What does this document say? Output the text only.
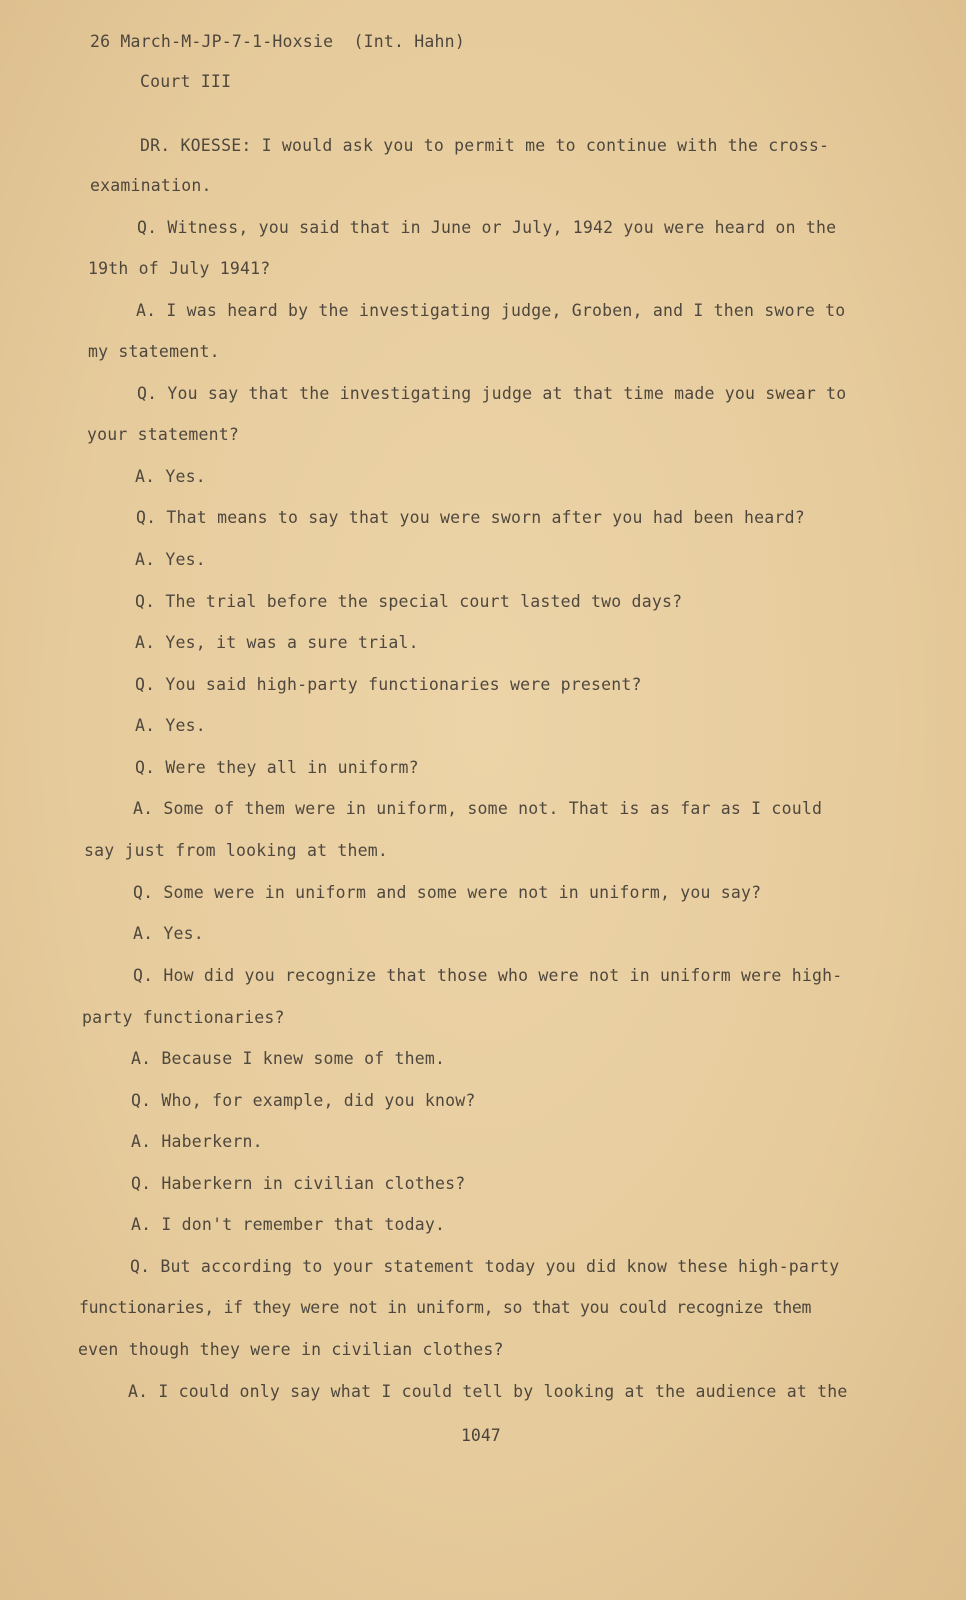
26 March-M-JP-7-1-Hoxsie  (Int. Hahn)
Court III
DR. KOESSE: I would ask you to permit me to continue with the cross-
examination.
Q. Witness, you said that in June or July, 1942 you were heard on the
19th of July 1941?
A. I was heard by the investigating judge, Groben, and I then swore to
my statement.
Q. You say that the investigating judge at that time made you swear to
your statement?
A. Yes.
Q. That means to say that you were sworn after you had been heard?
A. Yes.
Q. The trial before the special court lasted two days?
A. Yes, it was a sure trial.
Q. You said high-party functionaries were present?
A. Yes.
Q. Were they all in uniform?
A. Some of them were in uniform, some not. That is as far as I could
say just from looking at them.
Q. Some were in uniform and some were not in uniform, you say?
A. Yes.
Q. How did you recognize that those who were not in uniform were high-
party functionaries?
A. Because I knew some of them.
Q. Who, for example, did you know?
A. Haberkern.
Q. Haberkern in civilian clothes?
A. I don't remember that today.
Q. But according to your statement today you did know these high-party
functionaries, if they were not in uniform, so that you could recognize them
even though they were in civilian clothes?
A. I could only say what I could tell by looking at the audience at the
1047
